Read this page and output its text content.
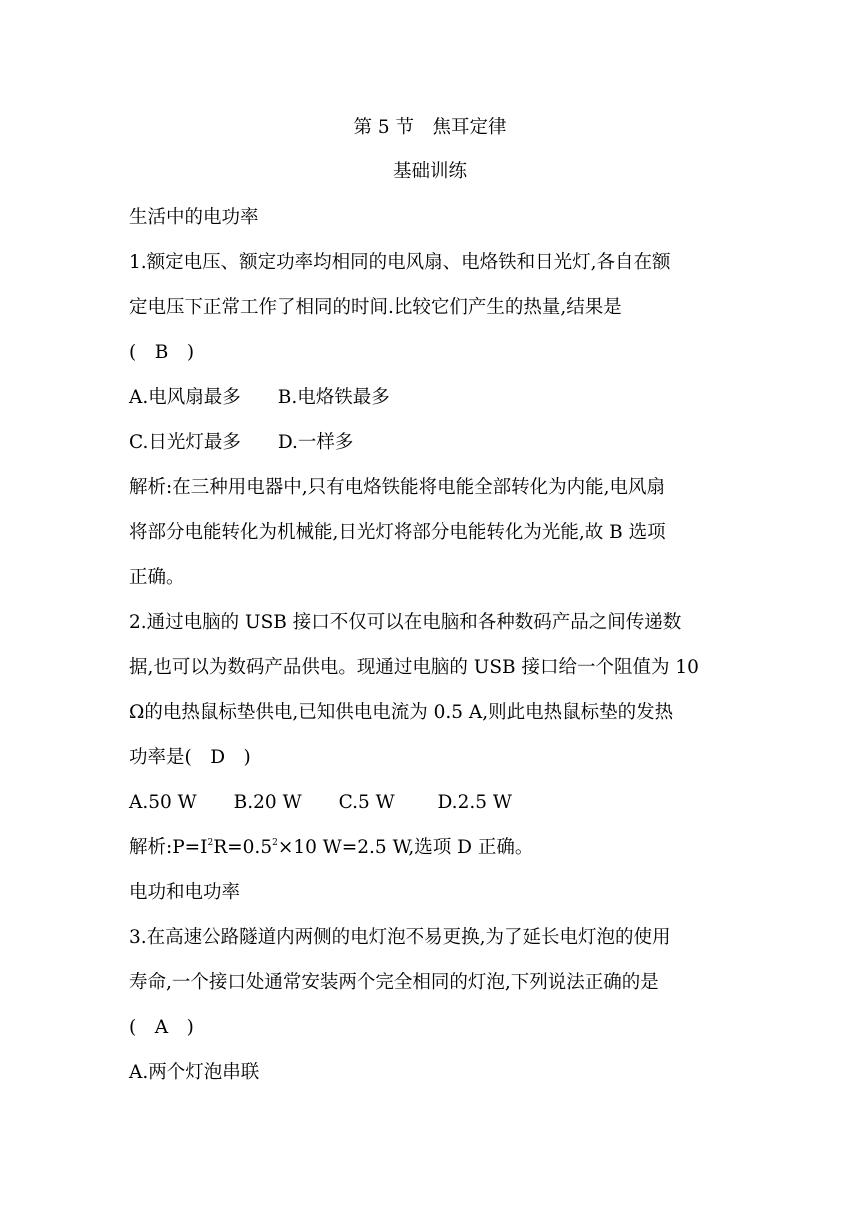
第 5 节　焦耳定律
基础训练
生活中的电功率
1.额定电压、额定功率均相同的电风扇、电烙铁和日光灯,各自在额
定电压下正常工作了相同的时间.比较它们产生的热量,结果是
(　B　)
A.电风扇最多　　B.电烙铁最多
C.日光灯最多　　D.一样多
解析:在三种用电器中,只有电烙铁能将电能全部转化为内能,电风扇
将部分电能转化为机械能,日光灯将部分电能转化为光能,故 B 选项
正确。
2.通过电脑的 USB 接口不仅可以在电脑和各种数码产品之间传递数
据,也可以为数码产品供电。现通过电脑的 USB 接口给一个阻值为 10
Ω的电热鼠标垫供电,已知供电电流为 0.5 A,则此电热鼠标垫的发热
功率是(　D　)
A.50 W　　B.20 W　　C.5 W　　 D.2.5 W
解析$:P=I^2R=0.5^2\times 10$ W=2.5 W,选项 D 正确。
电功和电功率
3.在高速公路隧道内两侧的电灯泡不易更换,为了延长电灯泡的使用
寿命,一个接口处通常安装两个完全相同的灯泡,下列说法正确的是
(　A　)
A.两个灯泡串联
